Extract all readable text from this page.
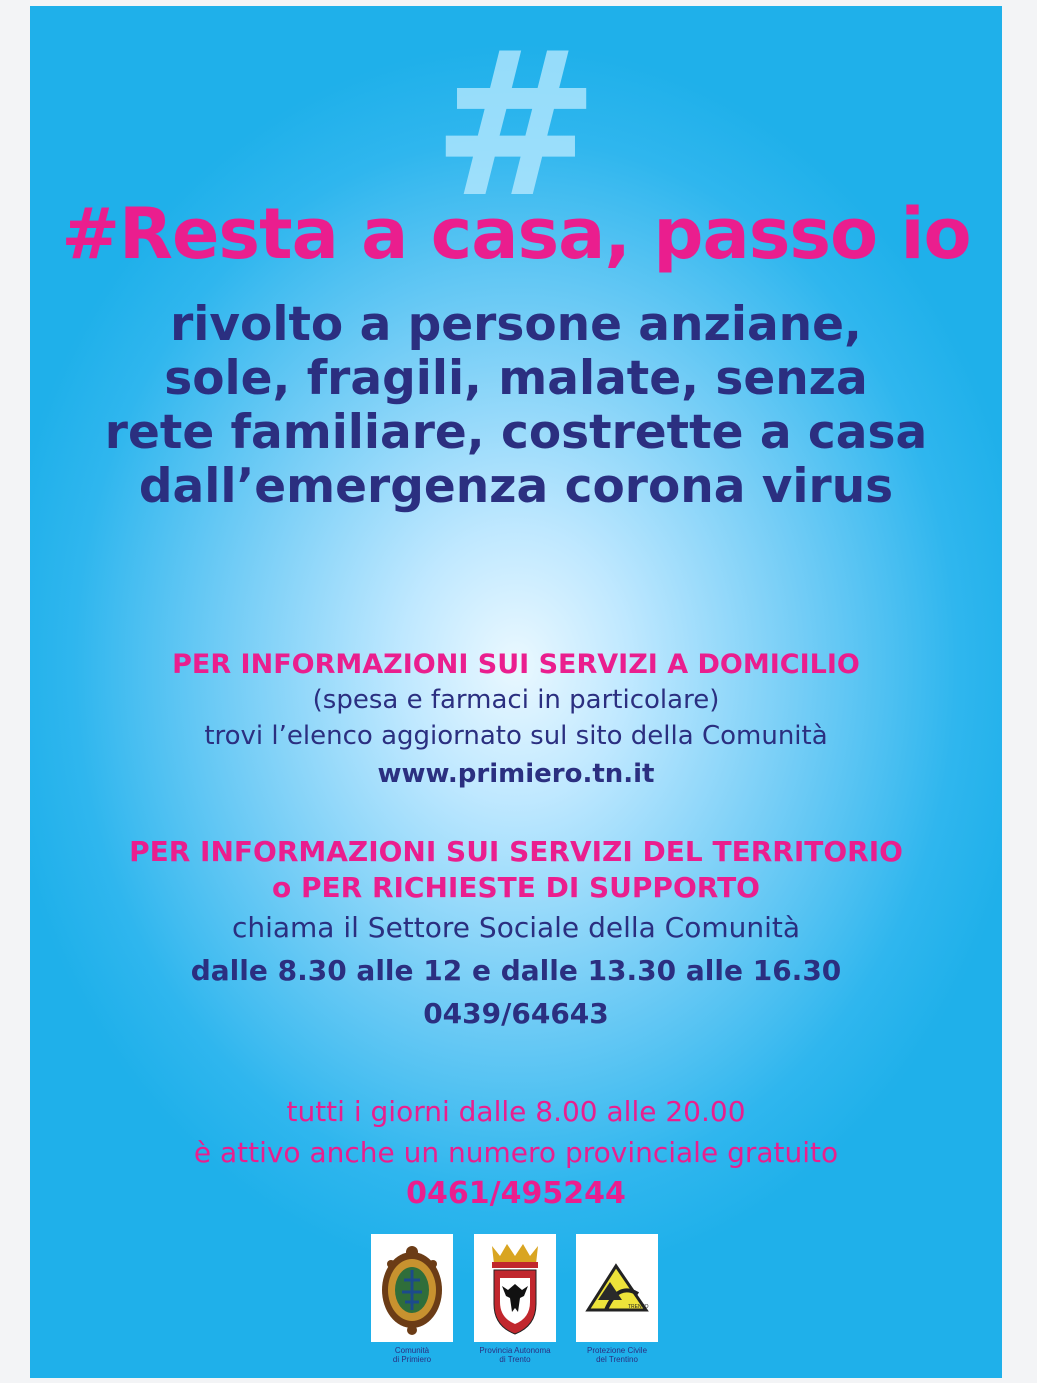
#
#Resta a casa, passo io
rivolto a persone anziane,
sole, fragili, malate, senza
rete familiare, costrette a casa
dall’emergenza corona virus
PER INFORMAZIONI SUI SERVIZI A DOMICILIO
(spesa e farmaci in particolare)
trovi l’elenco aggiornato sul sito della Comunità
www.primiero.tn.it
PER INFORMAZIONI SUI SERVIZI DEL TERRITORIO
o PER RICHIESTE DI SUPPORTO
chiama il Settore Sociale della Comunità
dalle 8.30 alle 12 e dalle 13.30 alle 16.30
0439/64643
tutti i giorni dalle 8.00 alle 20.00
è attivo anche un numero provinciale gratuito
0461/495244
Comunità
di Primiero
Provincia Autonoma
di Trento
TRENTO
Protezione Civile
del Trentino
